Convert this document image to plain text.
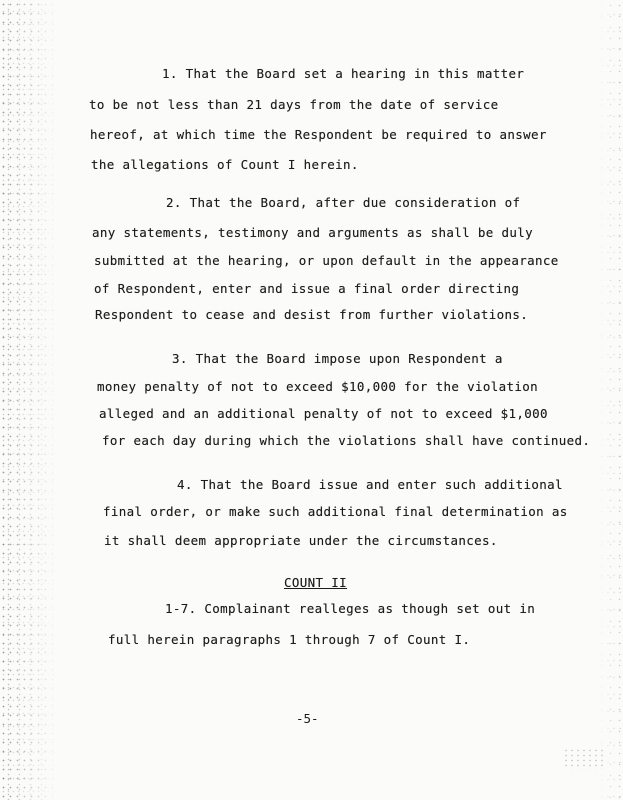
1. That the Board set a hearing in this matter
to be not less than 21 days from the date of service
hereof, at which time the Respondent be required to answer
the allegations of Count I herein.
2. That the Board, after due consideration of
any statements, testimony and arguments as shall be duly
submitted at the hearing, or upon default in the appearance
of Respondent, enter and issue a final order directing
Respondent to cease and desist from further violations.
3. That the Board impose upon Respondent a
money penalty of not to exceed $10,000 for the violation
alleged and an additional penalty of not to exceed $1,000
for each day during which the violations shall have continued.
4. That the Board issue and enter such additional
final order, or make such additional final determination as
it shall deem appropriate under the circumstances.
COUNT II
1-7. Complainant realleges as though set out in
full herein paragraphs 1 through 7 of Count I.
-5-
